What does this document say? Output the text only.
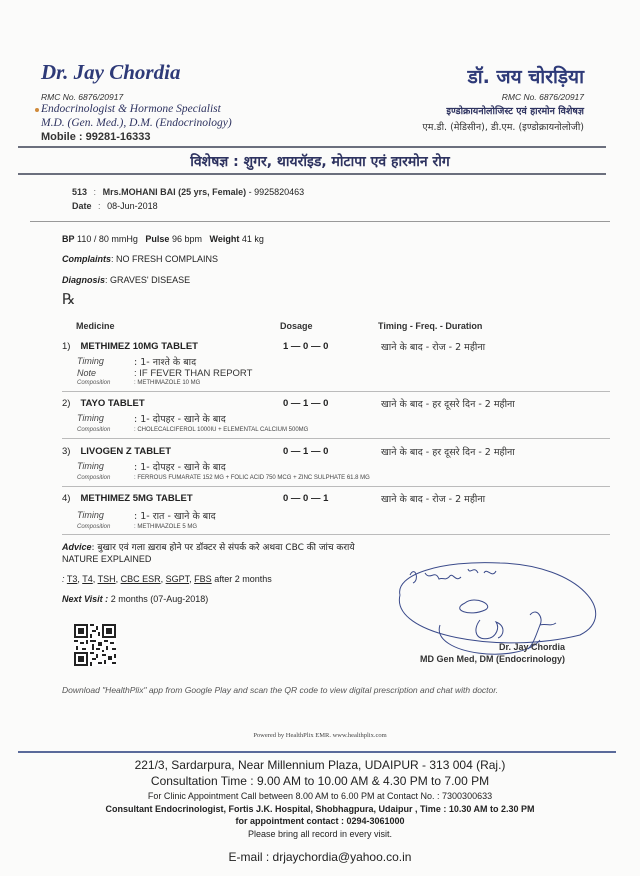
Dr. Jay Chordia
RMC No. 6876/20917
Endocrinologist & Hormone Specialist
M.D. (Gen. Med.), D.M. (Endocrinology)
Mobile : 99281-16333
डॉ. जय चोरड़िया
RMC No. 6876/20917
इण्डोक्रायनोलोजिस्ट एवं हारमोन विशेषज्ञ
एम.डी. (मेडिसीन), डी.एम. (इण्डोक्रायनोलोजी)
विशेषज्ञ : शुगर, थायरॉइड, मोटापा एवं हारमोन रोग
513 : Mrs.MOHANI BAI (25 yrs, Female) - 9925820463
Date : 08-Jun-2018
BP 110 / 80 mmHg Pulse 96 bpm Weight 41 kg
Complaints: NO FRESH COMPLAINS
Diagnosis: GRAVES' DISEASE
℞
Medicine	Dosage	Timing - Freq. - Duration
1) METHIMEZ 10MG TABLET	1 — 0 — 0	खाने के बाद - रोज - 2 महीना
Timing	: 1- नाश्ते के बाद
Note	: IF FEVER THAN REPORT
Composition	: METHIMAZOLE 10 MG
2) TAYO TABLET	0 — 1 — 0	खाने के बाद - हर दूसरे दिन - 2 महीना
Timing	: 1- दोपहर - खाने के बाद
Composition	: CHOLECALCIFEROL 1000IU + ELEMENTAL CALCIUM 500MG
3) LIVOGEN Z TABLET	0 — 1 — 0	खाने के बाद - हर दूसरे दिन - 2 महीना
Timing	: 1- दोपहर - खाने के बाद
Composition	: FERROUS FUMARATE 152 MG + FOLIC ACID 750 MCG + ZINC SULPHATE 61.8 MG
4) METHIMEZ 5MG TABLET	0 — 0 — 1	खाने के बाद - रोज - 2 महीना
Timing	: 1- रात - खाने के बाद
Composition	: METHIMAZOLE 5 MG
Advice: बुखार एवं गला ख़राब होने पर डॉक्टर से संपर्क करे अथवा CBC की जांच कराये
NATURE EXPLAINED
: T3, T4, TSH, CBC ESR, SGPT, FBS after 2 months
Next Visit : 2 months (07-Aug-2018)
Dr. Jay Chordia
MD Gen Med, DM (Endocrinology)
Download "HealthPlix" app from Google Play and scan the QR code to view digital prescription and chat with doctor.
Powered by HealthPlix EMR. www.healthplix.com
221/3, Sardarpura, Near Millennium Plaza, UDAIPUR - 313 004 (Raj.)
Consultation Time : 9.00 AM to 10.00 AM & 4.30 PM to 7.00 PM
For Clinic Appointment Call between 8.00 AM to 6.00 PM at Contact No. : 7300300633
Consultant Endocrinologist, Fortis J.K. Hospital, Shobhagpura, Udaipur , Time : 10.30 AM to 2.30 PM
for appointment contact : 0294-3061000
Please bring all record in every visit.
E-mail : drjaychordia@yahoo.co.in
